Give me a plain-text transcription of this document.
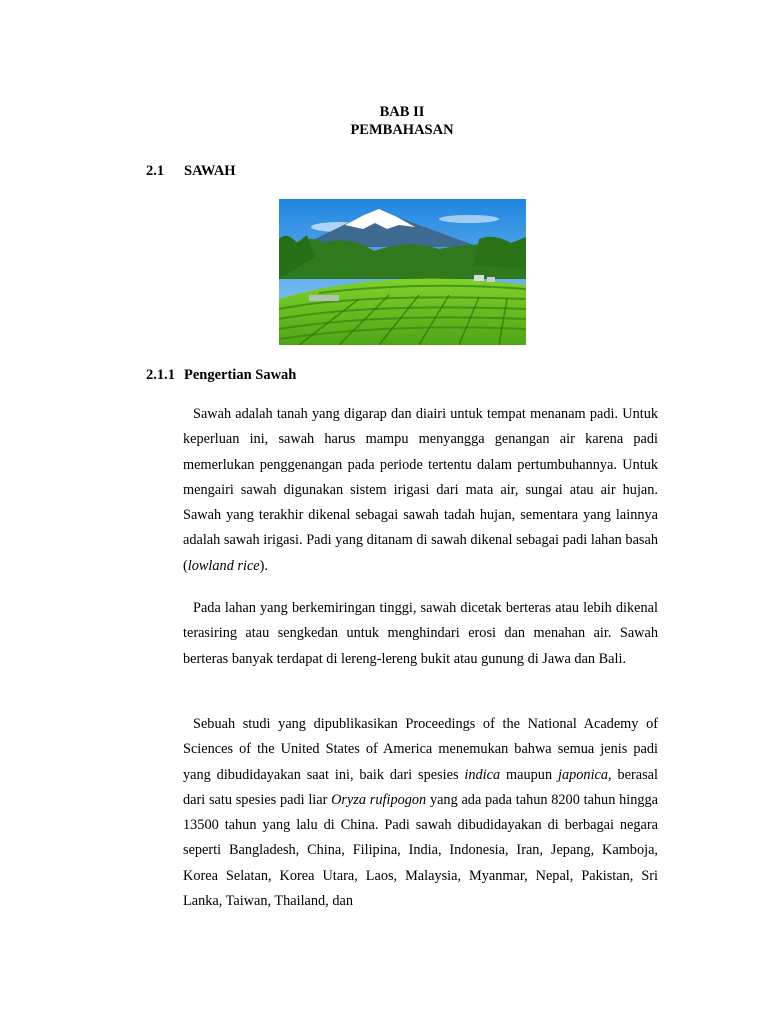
BAB II
PEMBAHASAN
2.1 SAWAH
2.1.1 Pengertian Sawah

Sawah adalah tanah yang digarap dan diairi untuk tempat menanam padi. Untuk keperluan ini, sawah harus mampu menyangga genangan air karena padi memerlukan penggenangan pada periode tertentu dalam pertumbuhannya. Untuk mengairi sawah digunakan sistem irigasi dari mata air, sungai atau air hujan. Sawah yang terakhir dikenal sebagai sawah tadah hujan, sementara yang lainnya adalah sawah irigasi. Padi yang ditanam di sawah dikenal sebagai padi lahan basah (lowland rice).

Pada lahan yang berkemiringan tinggi, sawah dicetak berteras atau lebih dikenal terasiring atau sengkedan untuk menghindari erosi dan menahan air. Sawah berteras banyak terdapat di lereng-lereng bukit atau gunung di Jawa dan Bali.

Sebuah studi yang dipublikasikan Proceedings of the National Academy of Sciences of the United States of America menemukan bahwa semua jenis padi yang dibudidayakan saat ini, baik dari spesies indica maupun japonica, berasal dari satu spesies padi liar Oryza rufipogon yang ada pada tahun 8200 tahun hingga 13500 tahun yang lalu di China. Padi sawah dibudidayakan di berbagai negara seperti Bangladesh, China, Filipina, India, Indonesia, Iran, Jepang, Kamboja, Korea Selatan, Korea Utara, Laos, Malaysia, Myanmar, Nepal, Pakistan, Sri Lanka, Taiwan, Thailand, dan
